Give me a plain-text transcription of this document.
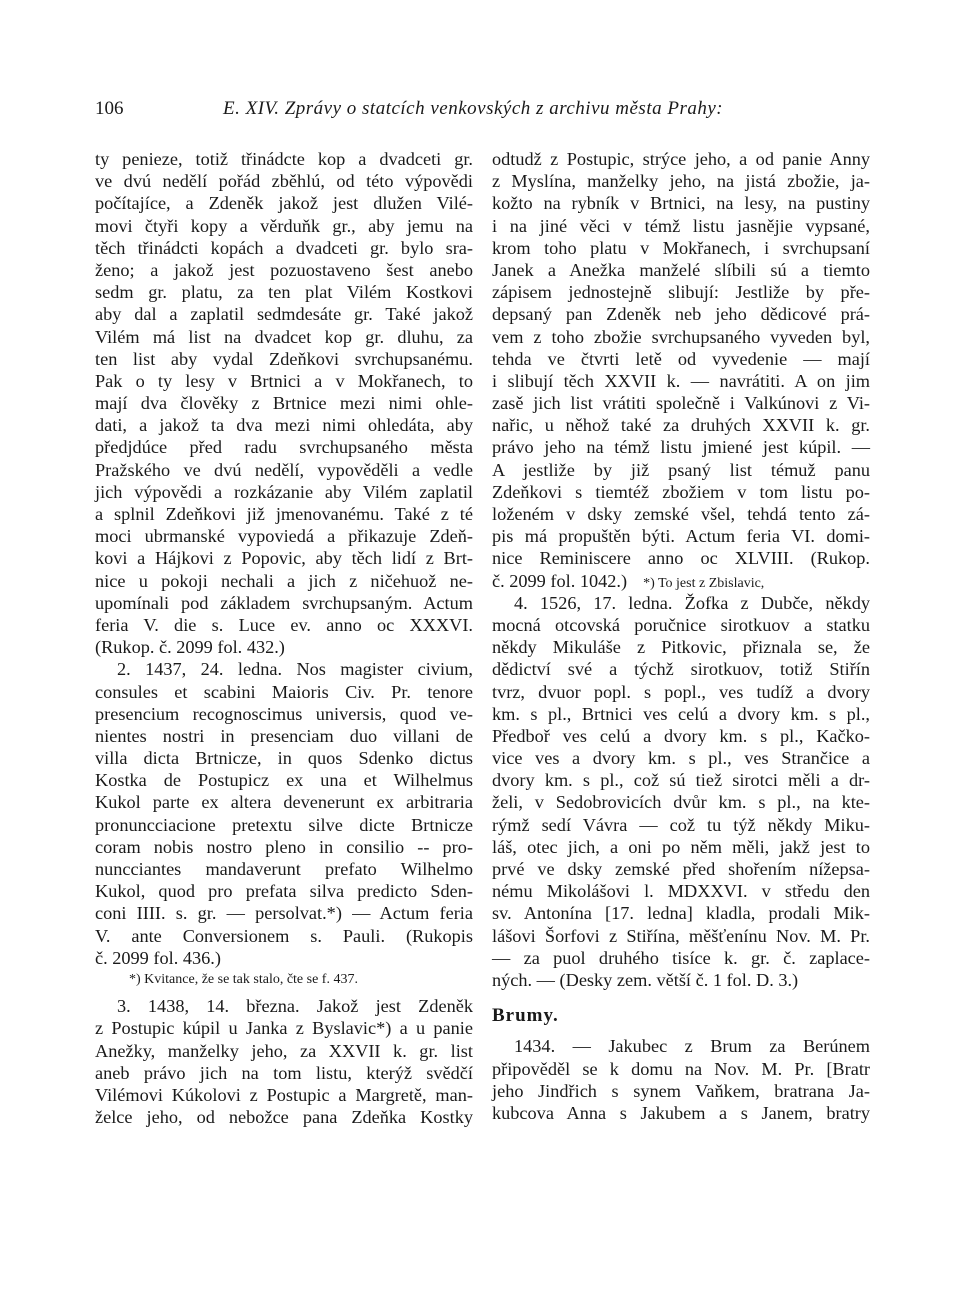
106	E. XIV. Zprávy o statcích venkovských z archivu města Prahy:
ty penieze, totiž třinádcte kop a dvadceti gr.
ve dvú nedělí pořád zběhlú, od této výpovědi
počítajíce, a Zdeněk jakož jest dlužen Vilé-
movi čtyři kopy a věrduňk gr., aby jemu na
těch třinádcti kopách a dvadceti gr. bylo sra-
ženo; a jakož jest pozuostaveno šest anebo
sedm gr. platu, za ten plat Vilém Kostkovi
aby dal a zaplatil sedmdesáte gr. Také jakož
Vilém má list na dvadcet kop gr. dluhu, za
ten list aby vydal Zdeňkovi svrchupsanému.
Pak o ty lesy v Brtnici a v Mokřanech, to
mají dva člověky z Brtnice mezi nimi ohle-
dati, a jakož ta dva mezi nimi ohledáta, aby
předjdúce před radu svrchupsaného města
Pražského ve dvú nedělí, vypověděli a vedle
jich výpovědi a rozkázanie aby Vilém zaplatil
a splnil Zdeňkovi již jmenovanému. Také z té
moci ubrmanské vypoviedá a přikazuje Zdeň-
kovi a Hájkovi z Popovic, aby těch lidí z Brt-
nice u pokoji nechali a jich z ničehuož ne-
upomínali pod základem svrchupsaným. Actum
feria V. die s. Luce ev. anno oc XXXVI.
(Rukop. č. 2099 fol. 432.)
2. 1437, 24. ledna. Nos magister civium,
consules et scabini Maioris Civ. Pr. tenore
presencium recognoscimus universis, quod ve-
nientes nostri in presenciam duo villani de
villa dicta Brtnicze, in quos Sdenko dictus
Kostka de Postupicz ex una et Wilhelmus
Kukol parte ex altera devenerunt ex arbitraria
pronuncciacione pretextu silve dicte Brtnicze
coram nobis nostro pleno in consilio -- pro-
nuncciantes mandaverunt prefato Wilhelmo
Kukol, quod pro prefata silva predicto Sden-
coni IIII. s. gr. — persolvat.*) — Actum feria
V. ante Conversionem s. Pauli. (Rukopis
č. 2099 fol. 436.)
*) Kvitance, že se tak stalo, čte se f. 437.
3. 1438, 14. března. Jakož jest Zdeněk
z Postupic kúpil u Janka z Byslavic*) a u panie
Anežky, manželky jeho, za XXVII k. gr. list
aneb právo jich na tom listu, kterýž svědčí
Vilémovi Kúkolovi z Postupic a Margretě, man-
želce jeho, od nebožce pana Zdeňka Kostky
odtudž z Postupic, strýce jeho, a od panie Anny
z Myslína, manželky jeho, na jistá zbožie, ja-
kožto na rybník v Brtnici, na lesy, na pustiny
i na jiné věci v témž listu jasnějie vypsané,
krom toho platu v Mokřanech, i svrchupsaní
Janek a Anežka manželé slíbili sú a tiemto
zápisem jednostejně slibují: Jestliže by pře-
depsaný pan Zdeněk neb jeho dědicové prá-
vem z toho zbožie svrchupsaného vyveden byl,
tehda ve čtvrti letě od vyvedenie — mají
i slibují těch XXVII k. — navrátiti. A on jim
zasě jich list vrátiti společně i Valkúnovi z Vi-
nařic, u něhož také za druhých XXVII k. gr.
právo jeho na témž listu jmiené jest kúpil. —
A jestliže by již psaný list témuž panu
Zdeňkovi s tiemtéž zbožiem v tom listu po-
loženém v dsky zemské všel, tehdá tento zá-
pis má propuštěn býti. Actum feria VI. domi-
nice Reminiscere anno oc XLVIII. (Rukop.
č. 2099 fol. 1042.) *) To jest z Zbislavic,
4. 1526, 17. ledna. Žofka z Dubče, někdy
mocná otcovská poručnice sirotkuov a statku
někdy Mikuláše z Pitkovic, přiznala se, že
dědictví své a týchž sirotkuov, totiž Stiřín
tvrz, dvuor popl. s popl., ves tudíž a dvory
km. s pl., Brtnici ves celú a dvory km. s pl.,
Předboř ves celú a dvory km. s pl., Kačko-
vice ves a dvory km. s pl., ves Strančice a
dvory km. s pl., což sú tiež sirotci měli a dr-
želi, v Sedobrovicích dvůr km. s pl., na kte-
rýmž sedí Vávra — což tu týž někdy Miku-
láš, otec jich, a oni po něm měli, jakž jest to
prvé ve dsky zemské před shořením nížepsa-
nému Mikolášovi l. MDXXVI. v středu den
sv. Antonína [17. ledna] kladla, prodali Mik-
lášovi Šorfovi z Stiřína, měšťenínu Nov. M. Pr.
— za puol druhého tisíce k. gr. č. zaplace-
ných. — (Desky zem. větší č. 1 fol. D. 3.)
Brumy.
1434. — Jakubec z Brum za Berúnem
připověděl se k domu na Nov. M. Pr. [Bratr
jeho Jindřich s synem Vaňkem, bratrana Ja-
kubcova Anna s Jakubem a s Janem, bratry
